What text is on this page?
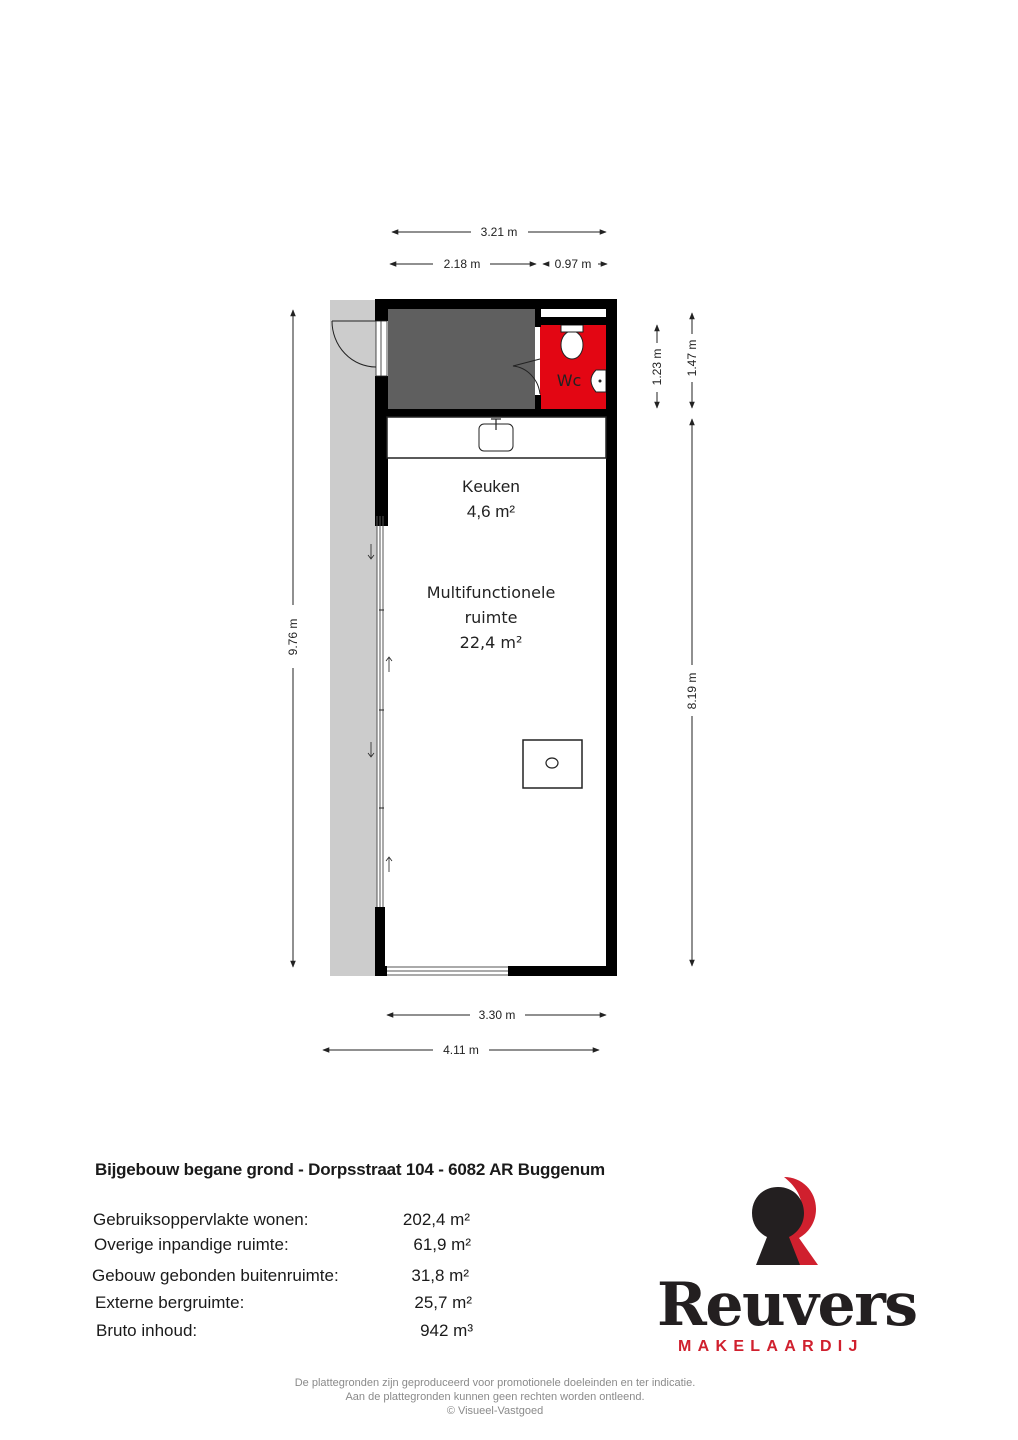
Wc
Keuken
4,6 m²
Multifunctionele
ruimte
22,4 m²
3.21 m
2.18 m	0.97 m
9.76 m
1.23 m 1.47 m
8.19 m
3.30 m
4.11 m
Bijgebouw begane grond - Dorpsstraat 104 - 6082 AR Buggenum
Gebruiksoppervlakte wonen:	202,4 m²
Overige inpandige ruimte:	61,9 m²
Gebouw gebonden buitenruimte:	31,8 m²
Externe bergruimte:	25,7 m²
Bruto inhoud:	942 m³	Reuvers
MAKELAARDIJ
De plattegronden zijn geproduceerd voor promotionele doeleinden en ter indicatie.
Aan de plattegronden kunnen geen rechten worden ontleend.
© Visueel-Vastgoed
